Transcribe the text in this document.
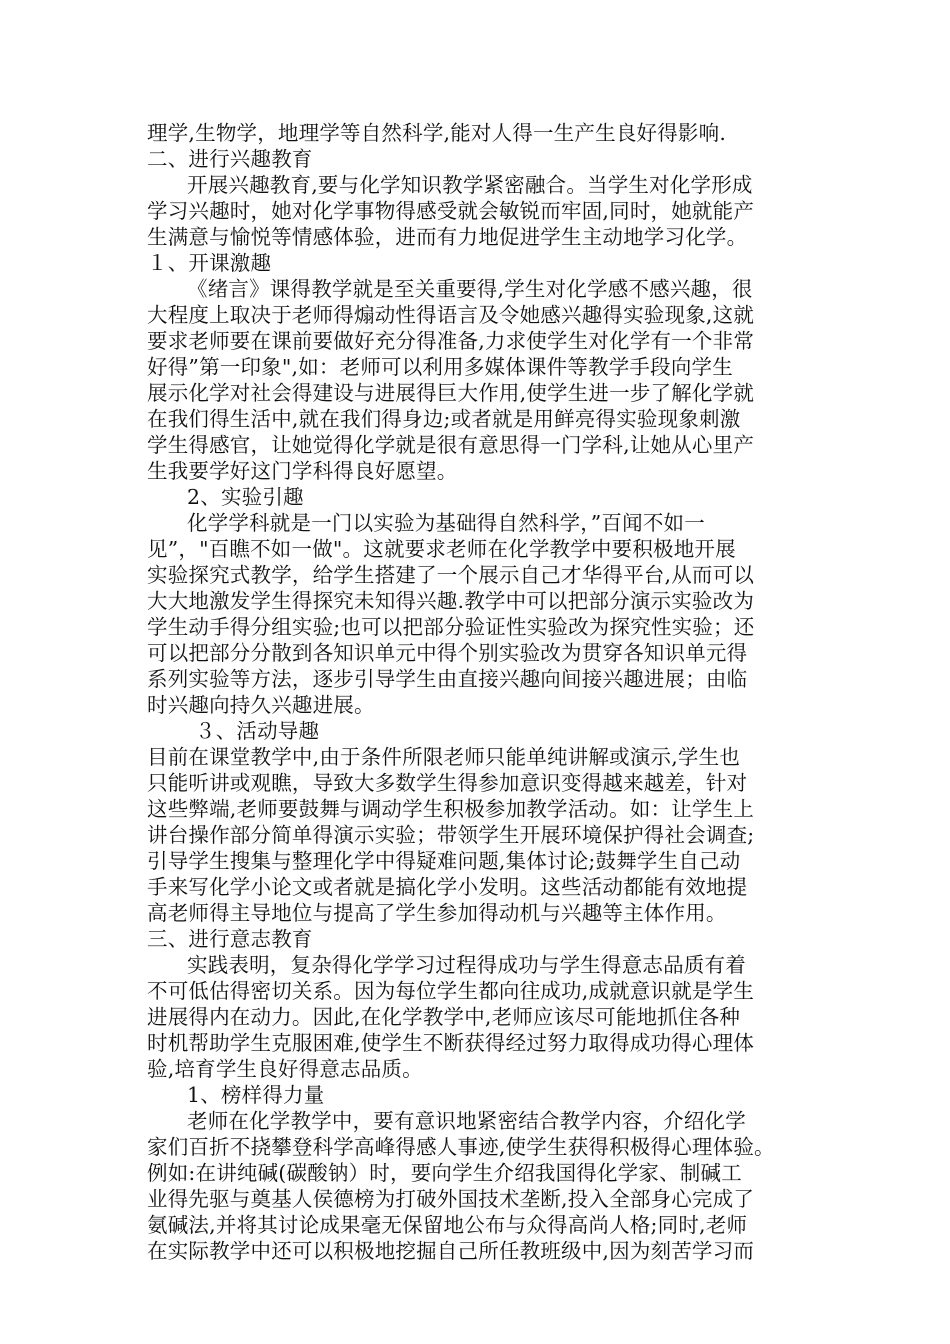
理学,生物学，地理学等自然科学,能对人得一生产生良好得影响.
二、进行兴趣教育
开展兴趣教育,要与化学知识教学紧密融合。当学生对化学形成
学习兴趣时，她对化学事物得感受就会敏锐而牢固,同时，她就能产
生满意与愉悦等情感体验，进而有力地促进学生主动地学习化学。
１、开课激趣
《绪言》课得教学就是至关重要得,学生对化学感不感兴趣，很
大程度上取决于老师得煽动性得语言及令她感兴趣得实验现象,这就
要求老师要在课前要做好充分得准备,力求使学生对化学有一个非常
好得”第一印象",如：老师可以利用多媒体课件等教学手段向学生
展示化学对社会得建设与进展得巨大作用,使学生进一步了解化学就
在我们得生活中,就在我们得身边;或者就是用鲜亮得实验现象刺激
学生得感官，让她觉得化学就是很有意思得一门学科,让她从心里产
生我要学好这门学科得良好愿望。
2、实验引趣
化学学科就是一门以实验为基础得自然科学，”百闻不如一
见”，"百瞧不如一做"。这就要求老师在化学教学中要积极地开展
实验探究式教学，给学生搭建了一个展示自己才华得平台,从而可以
大大地激发学生得探究未知得兴趣.教学中可以把部分演示实验改为
学生动手得分组实验;也可以把部分验证性实验改为探究性实验；还
可以把部分分散到各知识单元中得个别实验改为贯穿各知识单元得
系列实验等方法，逐步引导学生由直接兴趣向间接兴趣进展；由临
时兴趣向持久兴趣进展。
３、活动导趣
目前在课堂教学中,由于条件所限老师只能单纯讲解或演示,学生也
只能听讲或观瞧，导致大多数学生得参加意识变得越来越差，针对
这些弊端,老师要鼓舞与调动学生积极参加教学活动。如：让学生上
讲台操作部分简单得演示实验；带领学生开展环境保护得社会调查;
引导学生搜集与整理化学中得疑难问题,集体讨论;鼓舞学生自己动
手来写化学小论文或者就是搞化学小发明。这些活动都能有效地提
高老师得主导地位与提高了学生参加得动机与兴趣等主体作用。
三、进行意志教育
实践表明，复杂得化学学习过程得成功与学生得意志品质有着
不可低估得密切关系。因为每位学生都向往成功,成就意识就是学生
进展得内在动力。因此,在化学教学中,老师应该尽可能地抓住各种
时机帮助学生克服困难,使学生不断获得经过努力取得成功得心理体
验,培育学生良好得意志品质。
1、榜样得力量
老师在化学教学中，要有意识地紧密结合教学内容，介绍化学
家们百折不挠攀登科学高峰得感人事迹,使学生获得积极得心理体验。
例如:在讲纯碱(碳酸钠）时，要向学生介绍我国得化学家、制碱工
业得先驱与奠基人侯德榜为打破外国技术垄断,投入全部身心完成了
氨碱法,并将其讨论成果毫无保留地公布与众得高尚人格;同时,老师
在实际教学中还可以积极地挖掘自己所任教班级中,因为刻苦学习而
